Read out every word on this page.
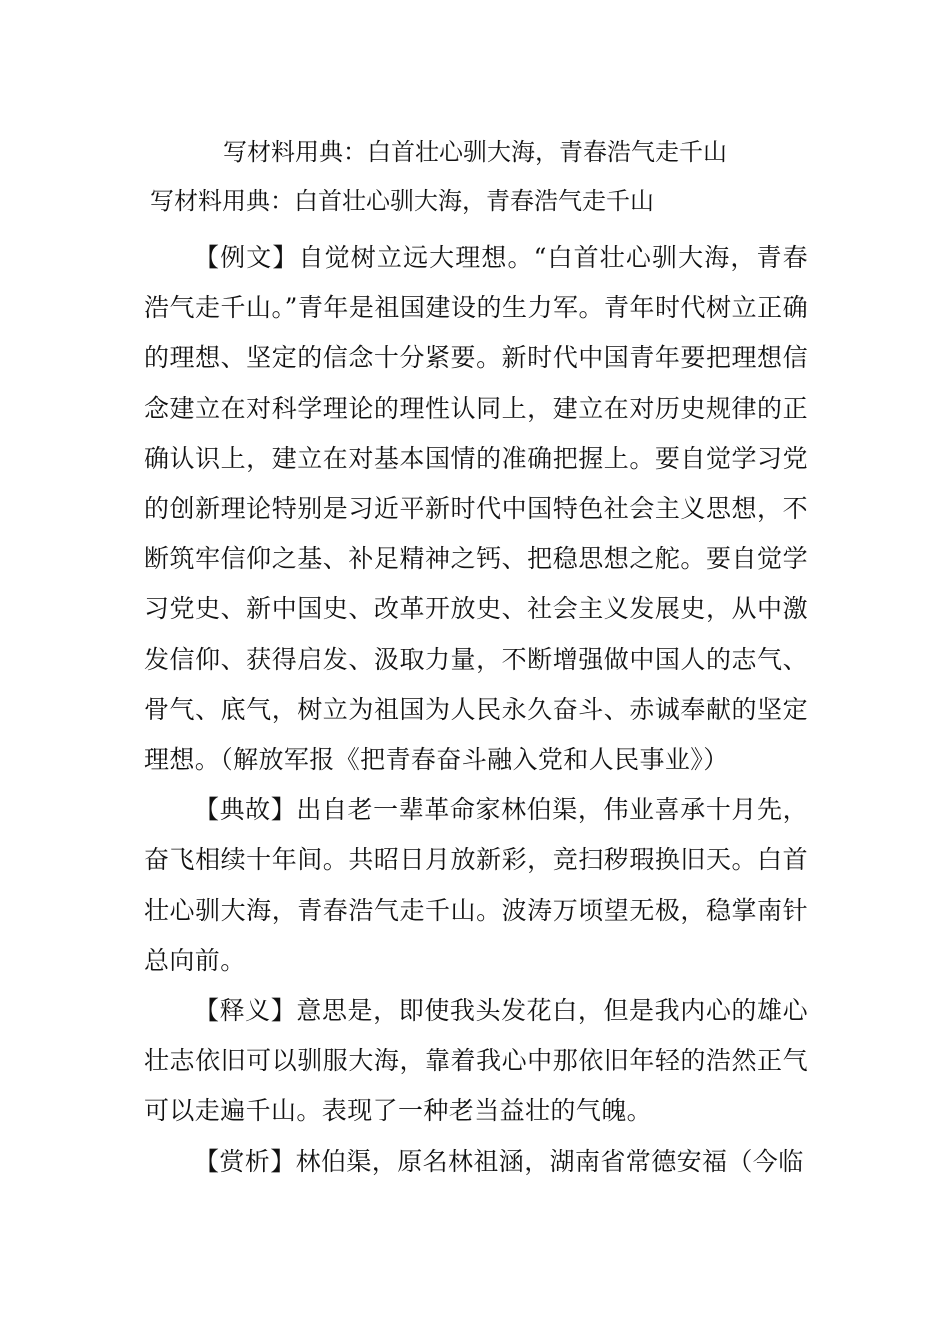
写材料用典：白首壮心驯大海，青春浩气走千山
写材料用典：白首壮心驯大海，青春浩气走千山

【例文】自觉树立远大理想。“白首壮心驯大海，青春浩气走千山。”青年是祖国建设的生力军。青年时代树立正确的理想、坚定的信念十分紧要。新时代中国青年要把理想信念建立在对科学理论的理性认同上，建立在对历史规律的正确认识上，建立在对基本国情的准确把握上。要自觉学习党的创新理论特别是习近平新时代中国特色社会主义思想，不断筑牢信仰之基、补足精神之钙、把稳思想之舵。要自觉学习党史、新中国史、改革开放史、社会主义发展史，从中激发信仰、获得启发、汲取力量，不断增强做中国人的志气、骨气、底气，树立为祖国为人民永久奋斗、赤诚奉献的坚定理想。（解放军报《把青春奋斗融入党和人民事业》）

【典故】出自老一辈革命家林伯渠，伟业喜承十月先，奋飞相续十年间。共昭日月放新彩，竞扫秽瑕换旧天。白首壮心驯大海，青春浩气走千山。波涛万顷望无极，稳掌南针总向前。

【释义】意思是，即使我头发花白，但是我内心的雄心壮志依旧可以驯服大海，靠着我心中那依旧年轻的浩然正气可以走遍千山。表现了一种老当益壮的气魄。

【赏析】林伯渠，原名林祖涵，湖南省常德安福（今临
